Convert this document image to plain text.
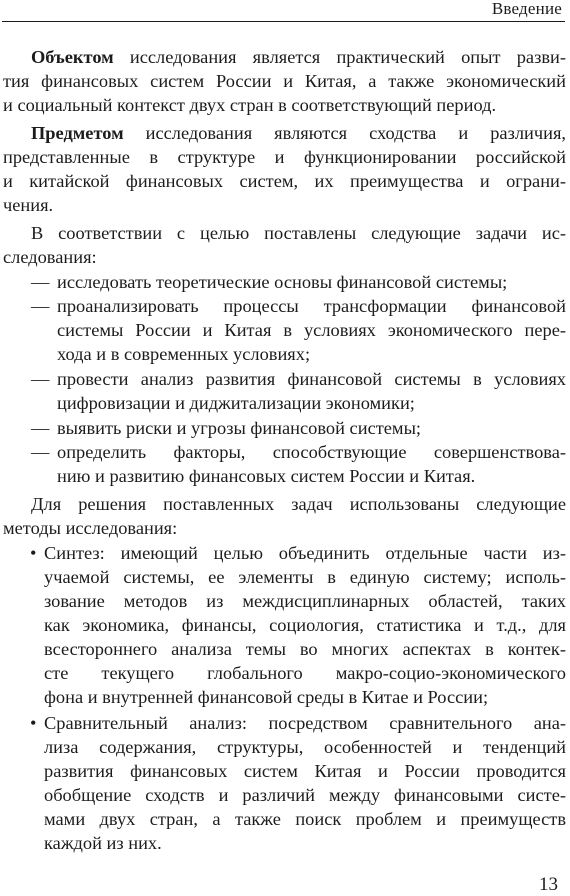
Введение
Объектом исследования является практический опыт разви-
тия финансовых систем России и Китая, а также экономический
и социальный контекст двух стран в соответствующий период.
Предметом исследования являются сходства и различия,
представленные в структуре и функционировании российской
и китайской финансовых систем, их преимущества и ограни-
чения.
В соответствии с целью поставлены следующие задачи ис-
следования:
— исследовать теоретические основы финансовой системы;
— проанализировать процессы трансформации финансовой
системы России и Китая в условиях экономического пере-
хода и в современных условиях;
— провести анализ развития финансовой системы в условиях
цифровизации и диджитализации экономики;
— выявить риски и угрозы финансовой системы;
— определить факторы, способствующие совершенствова-
нию и развитию финансовых систем России и Китая.
Для решения поставленных задач использованы следующие
методы исследования:
• Синтез: имеющий целью объединить отдельные части из-
учаемой системы, ее элементы в единую систему; исполь-
зование методов из междисциплинарных областей, таких
как экономика, финансы, социология, статистика и т.д., для
всестороннего анализа темы во многих аспектах в контек-
сте текущего глобального макро-социо-экономического
фона и внутренней финансовой среды в Китае и России;
• Сравнительный анализ: посредством сравнительного ана-
лиза содержания, структуры, особенностей и тенденций
развития финансовых систем Китая и России проводится
обобщение сходств и различий между финансовыми систе-
мами двух стран, а также поиск проблем и преимуществ
каждой из них.
13
